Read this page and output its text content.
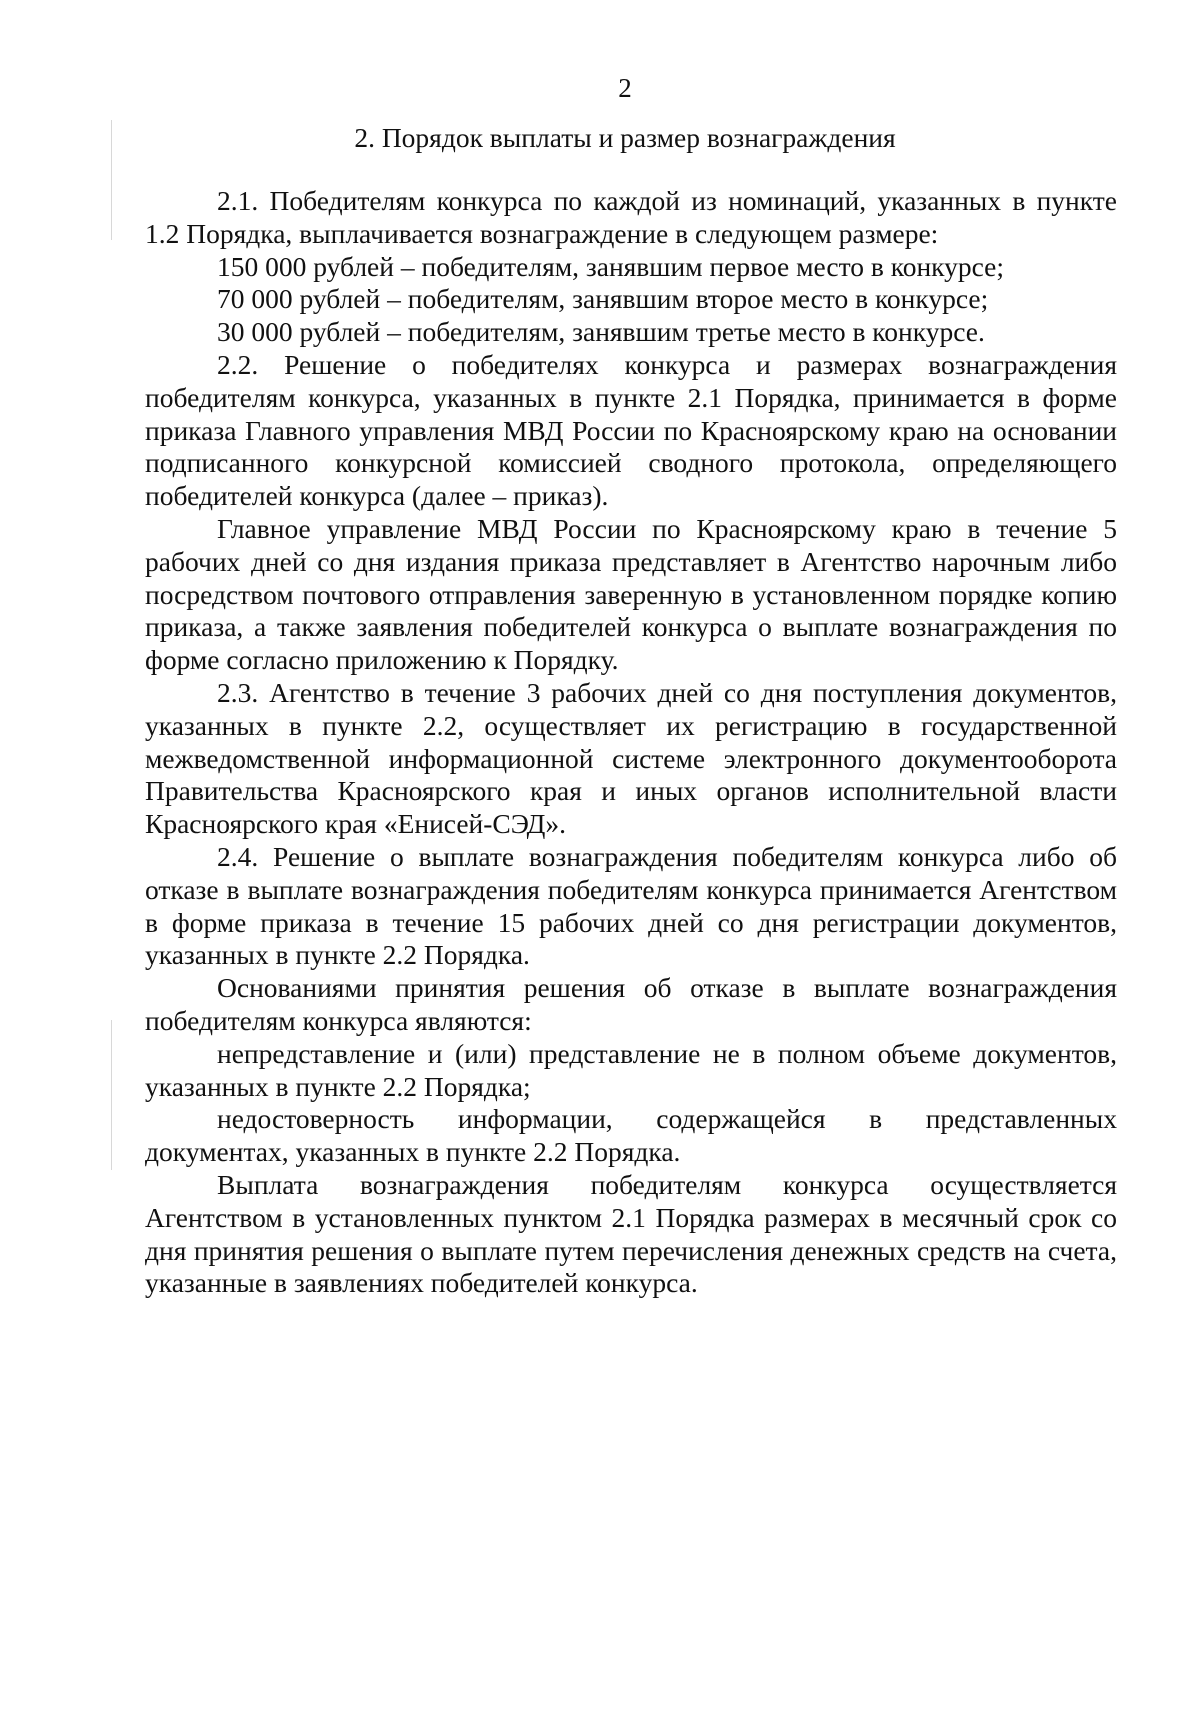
2
2. Порядок выплаты и размер вознаграждения

2.1. Победителям конкурса по каждой из номинаций, указанных в пункте 1.2 Порядка, выплачивается вознаграждение в следующем размере:

150 000 рублей – победителям, занявшим первое место в конкурсе;

70 000 рублей – победителям, занявшим второе место в конкурсе;

30 000 рублей – победителям, занявшим третье место в конкурсе.

2.2. Решение о победителях конкурса и размерах вознаграждения победителям конкурса, указанных в пункте 2.1 Порядка, принимается в форме приказа Главного управления МВД России по Красноярскому краю на основании подписанного конкурсной комиссией сводного протокола, определяющего победителей конкурса (далее – приказ).

Главное управление МВД России по Красноярскому краю в течение 5 рабочих дней со дня издания приказа представляет в Агентство нарочным либо посредством почтового отправления заверенную в установленном порядке копию приказа, а также заявления победителей конкурса о выплате вознаграждения по форме согласно приложению к Порядку.

2.3. Агентство в течение 3 рабочих дней со дня поступления документов, указанных в пункте 2.2, осуществляет их регистрацию в государственной межведомственной информационной системе электронного документооборота Правительства Красноярского края и иных органов исполнительной власти Красноярского края «Енисей-СЭД».

2.4. Решение о выплате вознаграждения победителям конкурса либо об отказе в выплате вознаграждения победителям конкурса принимается Агентством в форме приказа в течение 15 рабочих дней со дня регистрации документов, указанных в пункте 2.2 Порядка.

Основаниями принятия решения об отказе в выплате вознаграждения победителям конкурса являются:

непредставление и (или) представление не в полном объеме документов, указанных в пункте 2.2 Порядка;

недостоверность информации, содержащейся в представленных документах, указанных в пункте 2.2 Порядка.

Выплата вознаграждения победителям конкурса осуществляется Агентством в установленных пунктом 2.1 Порядка размерах в месячный срок со дня принятия решения о выплате путем перечисления денежных средств на счета, указанные в заявлениях победителей конкурса.
